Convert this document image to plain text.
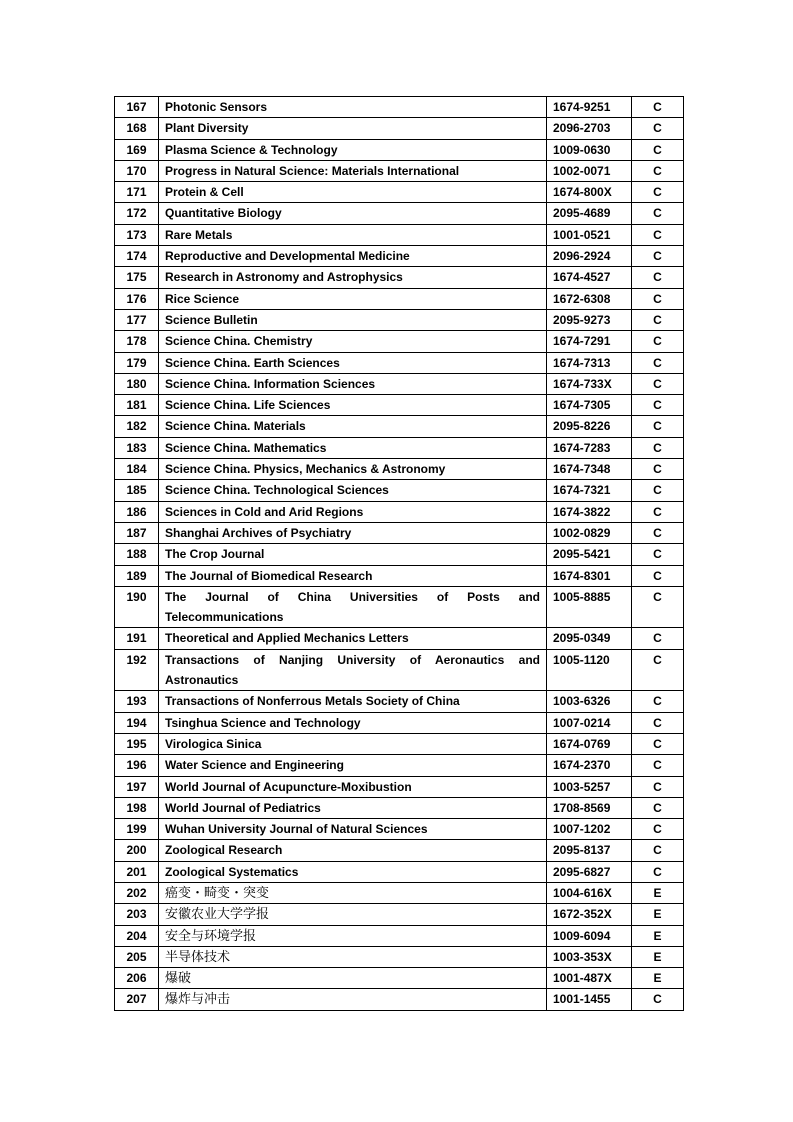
167	Photonic Sensors	1674-9251	C
168	Plant Diversity	2096-2703	C
169	Plasma Science & Technology	1009-0630	C
170	Progress in Natural Science: Materials International	1002-0071	C
171	Protein & Cell	1674-800X	C
172	Quantitative Biology	2095-4689	C
173	Rare Metals	1001-0521	C
174	Reproductive and Developmental Medicine	2096-2924	C
175	Research in Astronomy and Astrophysics	1674-4527	C
176	Rice Science	1672-6308	C
177	Science Bulletin	2095-9273	C
178	Science China. Chemistry	1674-7291	C
179	Science China. Earth Sciences	1674-7313	C
180	Science China. Information Sciences	1674-733X	C
181	Science China. Life Sciences	1674-7305	C
182	Science China. Materials	2095-8226	C
183	Science China. Mathematics	1674-7283	C
184	Science China. Physics, Mechanics & Astronomy	1674-7348	C
185	Science China. Technological Sciences	1674-7321	C
186	Sciences in Cold and Arid Regions	1674-3822	C
187	Shanghai Archives of Psychiatry	1002-0829	C
188	The Crop Journal	2095-5421	C
189	The Journal of Biomedical Research	1674-8301	C
190	The Journal of China Universities of Posts and Telecommunications	1005-8885	C
191	Theoretical and Applied Mechanics Letters	2095-0349	C
192	Transactions of Nanjing University of Aeronautics and Astronautics	1005-1120	C
193	Transactions of Nonferrous Metals Society of China	1003-6326	C
194	Tsinghua Science and Technology	1007-0214	C
195	Virologica Sinica	1674-0769	C
196	Water Science and Engineering	1674-2370	C
197	World Journal of Acupuncture-Moxibustion	1003-5257	C
198	World Journal of Pediatrics	1708-8569	C
199	Wuhan University Journal of Natural Sciences	1007-1202	C
200	Zoological Research	2095-8137	C
201	Zoological Systematics	2095-6827	C
202	癌变・畸变・突变	1004-616X	E
203	安徽农业大学学报	1672-352X	E
204	安全与环境学报	1009-6094	E
205	半导体技术	1003-353X	E
206	爆破	1001-487X	E
207	爆炸与冲击	1001-1455	C
